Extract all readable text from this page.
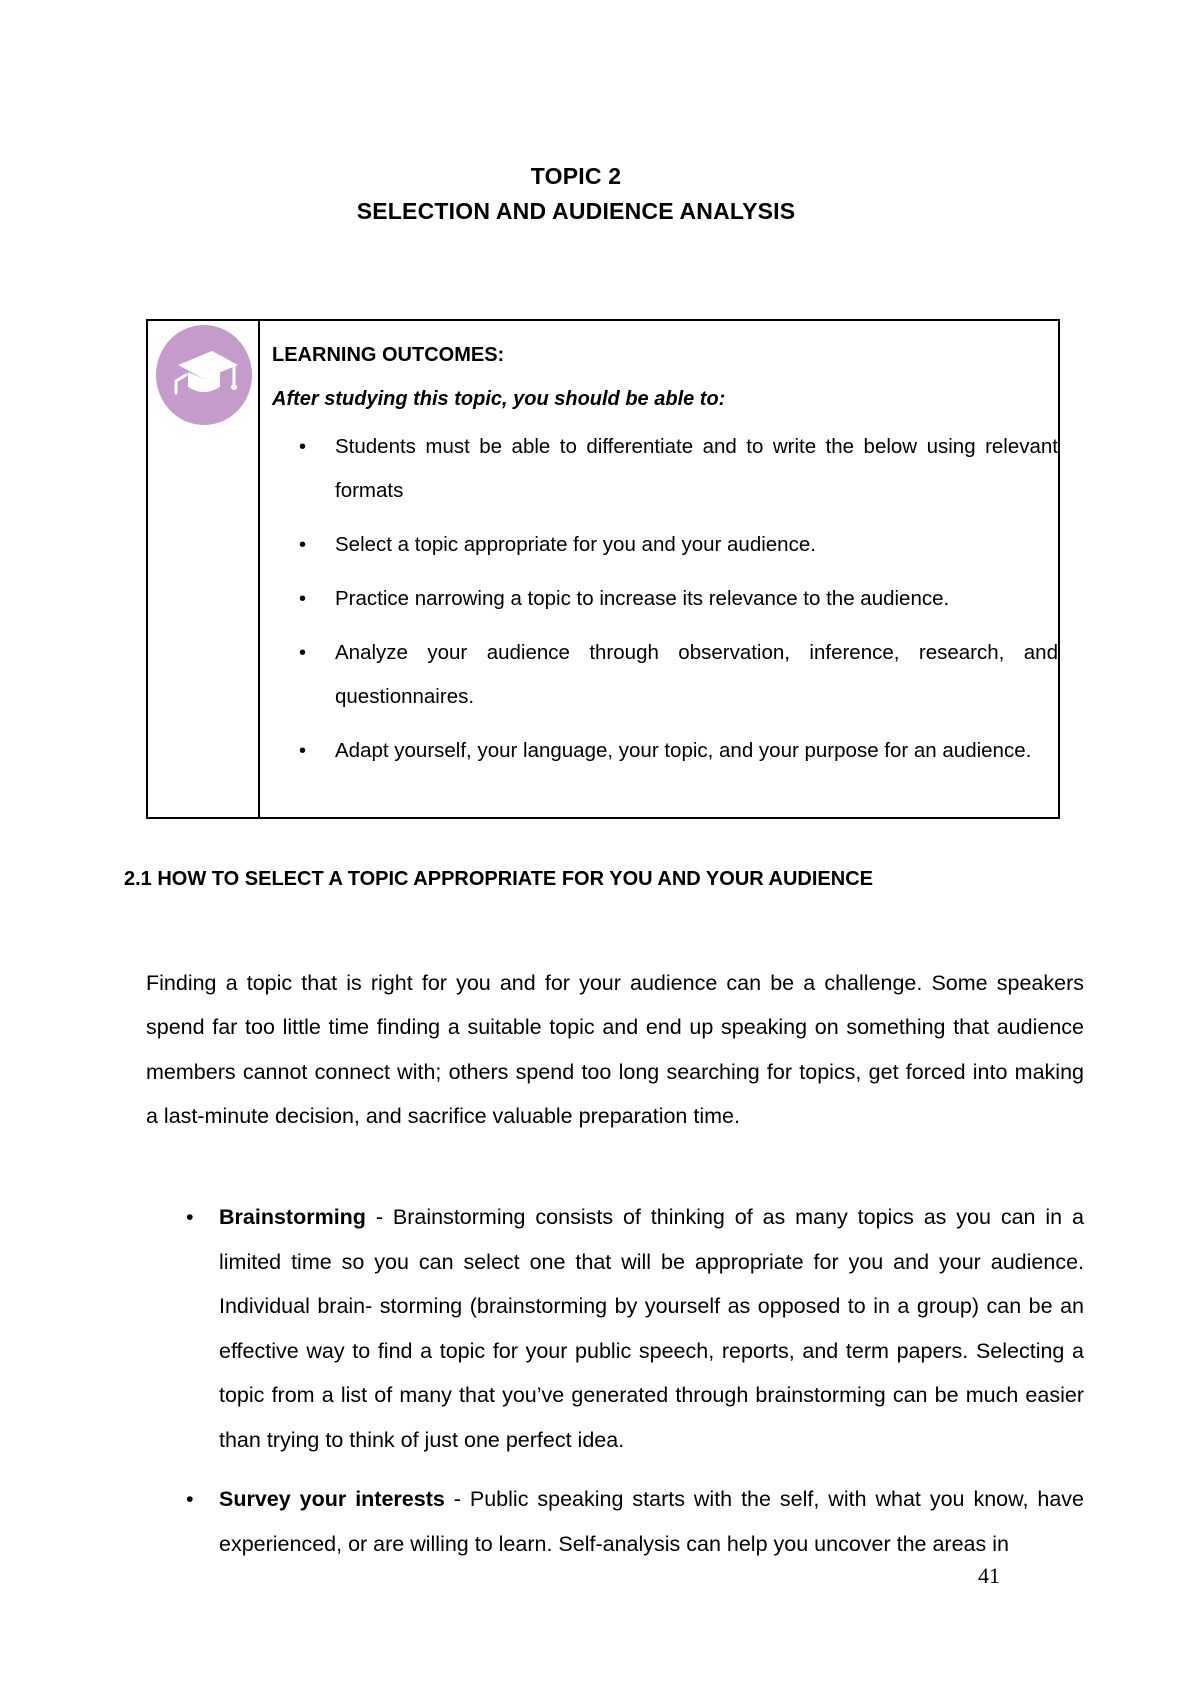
TOPIC 2
SELECTION AND AUDIENCE ANALYSIS

LEARNING OUTCOMES:

After studying this topic, you should be able to:

• Students must be able to differentiate and to write the below using relevant formats
• Select a topic appropriate for you and your audience.
• Practice narrowing a topic to increase its relevance to the audience.
• Analyze your audience through observation, inference, research, and questionnaires.
• Adapt yourself, your language, your topic, and your purpose for an audience.
2.1 HOW TO SELECT A TOPIC APPROPRIATE FOR YOU AND YOUR AUDIENCE

Finding a topic that is right for you and for your audience can be a challenge. Some speakers spend far too little time finding a suitable topic and end up speaking on something that audience members cannot connect with; others spend too long searching for topics, get forced into making a last-minute decision, and sacrifice valuable preparation time.

• Brainstorming - Brainstorming consists of thinking of as many topics as you can in a limited time so you can select one that will be appropriate for you and your audience. Individual brain- storming (brainstorming by yourself as opposed to in a group) can be an effective way to find a topic for your public speech, reports, and term papers. Selecting a topic from a list of many that you’ve generated through brainstorming can be much easier than trying to think of just one perfect idea.
• Survey your interests - Public speaking starts with the self, with what you know, have experienced, or are willing to learn. Self-analysis can help you uncover the areas in
41
